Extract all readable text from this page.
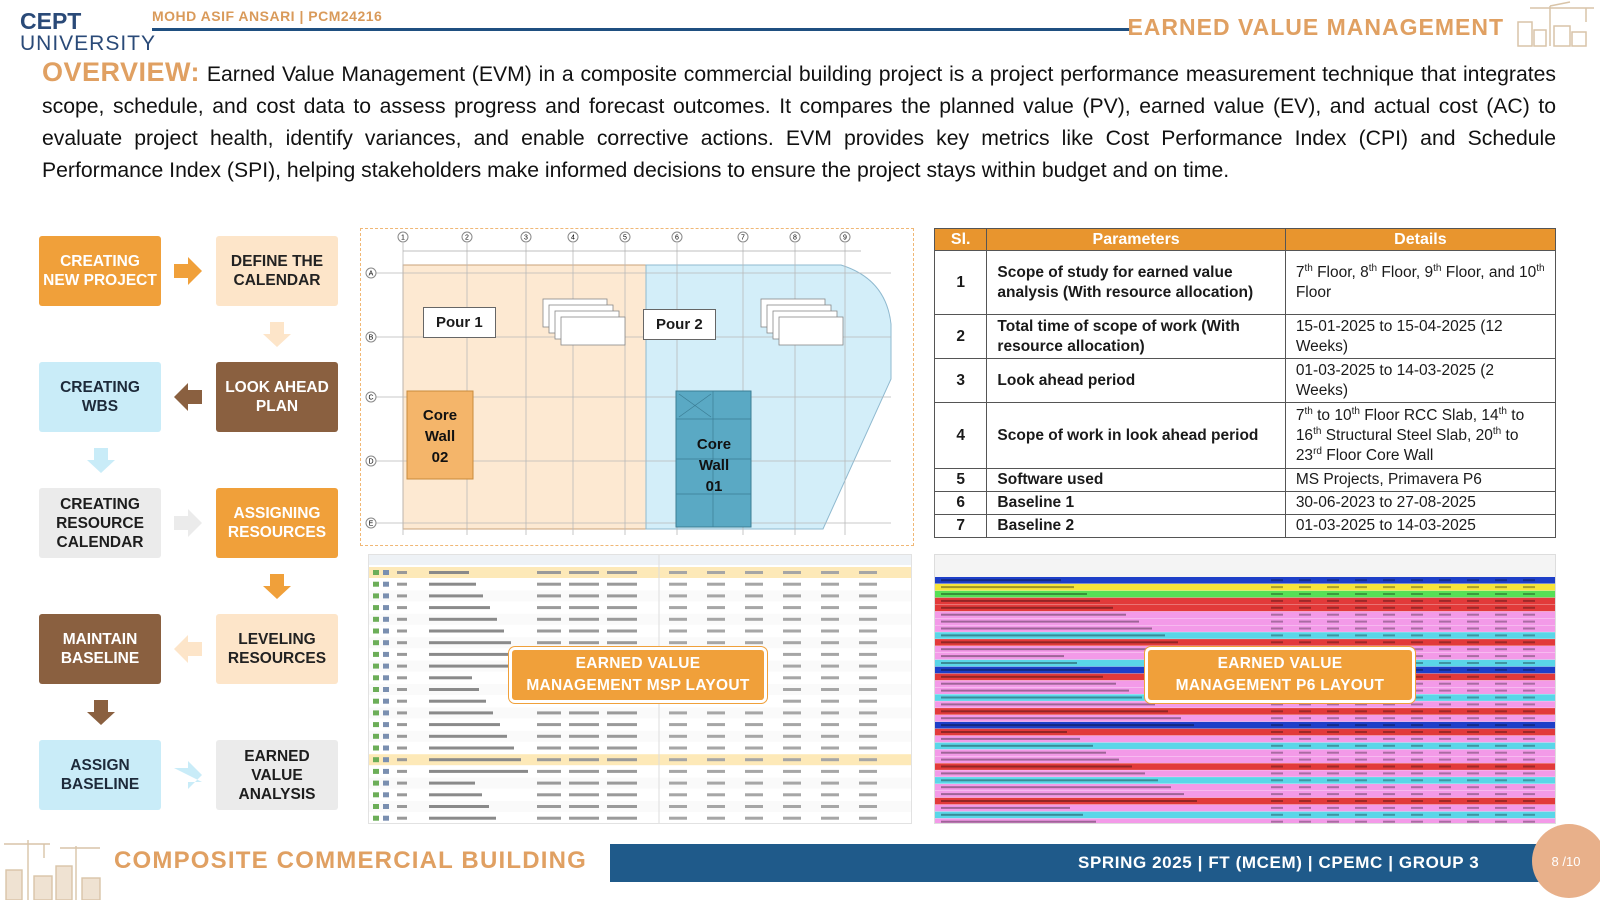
CEPT
UNIVERSITY
MOHD ASIF ANSARI | PCM24216	EARNED VALUE MANAGEMENT
OVERVIEW: Earned Value Management (EVM) in a composite commercial building project is a project performance measurement technique that integrates scope, schedule, and cost data to assess progress and forecast outcomes. It compares the planned value (PV), earned value (EV), and actual cost (AC) to evaluate project health, identify variances, and enable corrective actions. EVM provides key metrics like Cost Performance Index (CPI) and Schedule Performance Index (SPI), helping stakeholders make informed decisions to ensure the project stays within budget and on time.
CREATING NEW PROJECT
DEFINE THE CALENDAR
LOOK AHEAD PLAN
CREATING WBS
CREATING RESOURCE CALENDAR
ASSIGNING RESOURCES
LEVELING RESOURCES
MAINTAIN BASELINE
ASSIGN BASELINE
EARNED VALUE ANALYSIS
1	2	3	4	5	6	7	8	9
A
B
C
D
E
Pour 1	Pour 2
Core
Wall
02
Core
Wall
01
Sl.	Parameters	Details
1	Scope of study for earned value analysis (With resource allocation)	7th Floor, 8th Floor, 9th Floor, and 10th Floor
2	Total time of scope of work (With resource allocation)	15-01-2025 to 15-04-2025 (12 Weeks)
3	Look ahead period	01-03-2025 to 14-03-2025 (2 Weeks)
4	Scope of work in look ahead period	7th to 10th Floor RCC Slab, 14th to 16th Structural Steel Slab, 20th to 23rd Floor Core Wall
5	Software used	MS Projects, Primavera P6
6	Baseline 1	30-06-2023 to 27-08-2025
7	Baseline 2	01-03-2025 to 14-03-2025
EARNED VALUE MANAGEMENT MSP LAYOUT
EARNED VALUE MANAGEMENT P6 LAYOUT
COMPOSITE COMMERCIAL BUILDING	SPRING 2025 | FT (MCEM) | CPEMC | GROUP 3	8 /10
